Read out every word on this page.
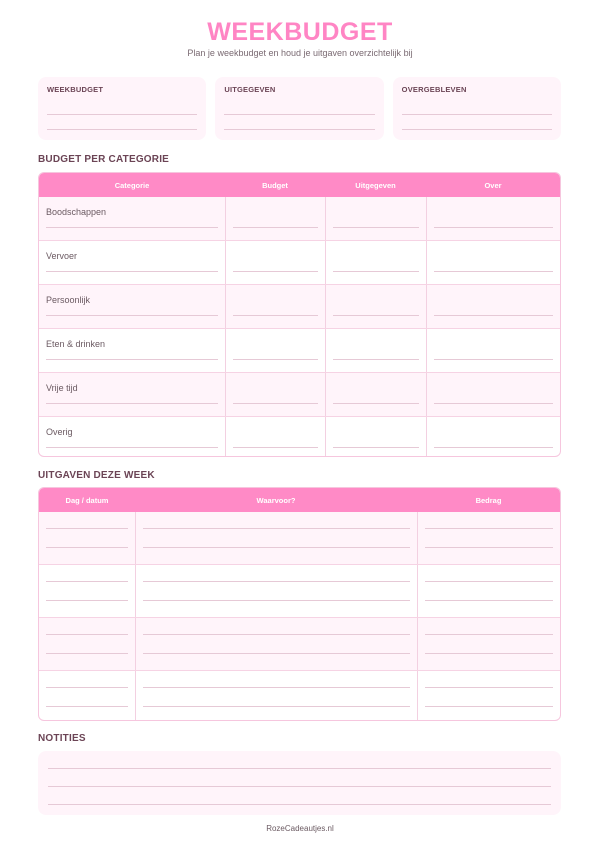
WEEKBUDGET
Plan je weekbudget en houd je uitgaven overzichtelijk bij
WEEKBUDGET	UITGEGEVEN	OVERGEBLEVEN
BUDGET PER CATEGORIE
Categorie	Budget	Uitgegeven	Over
Boodschappen
Vervoer
Persoonlijk
Eten & drinken
Vrije tijd
Overig
UITGAVEN DEZE WEEK
Dag / datum	Waarvoor?	Bedrag
NOTITIES
RozeCadeautjes.nl
